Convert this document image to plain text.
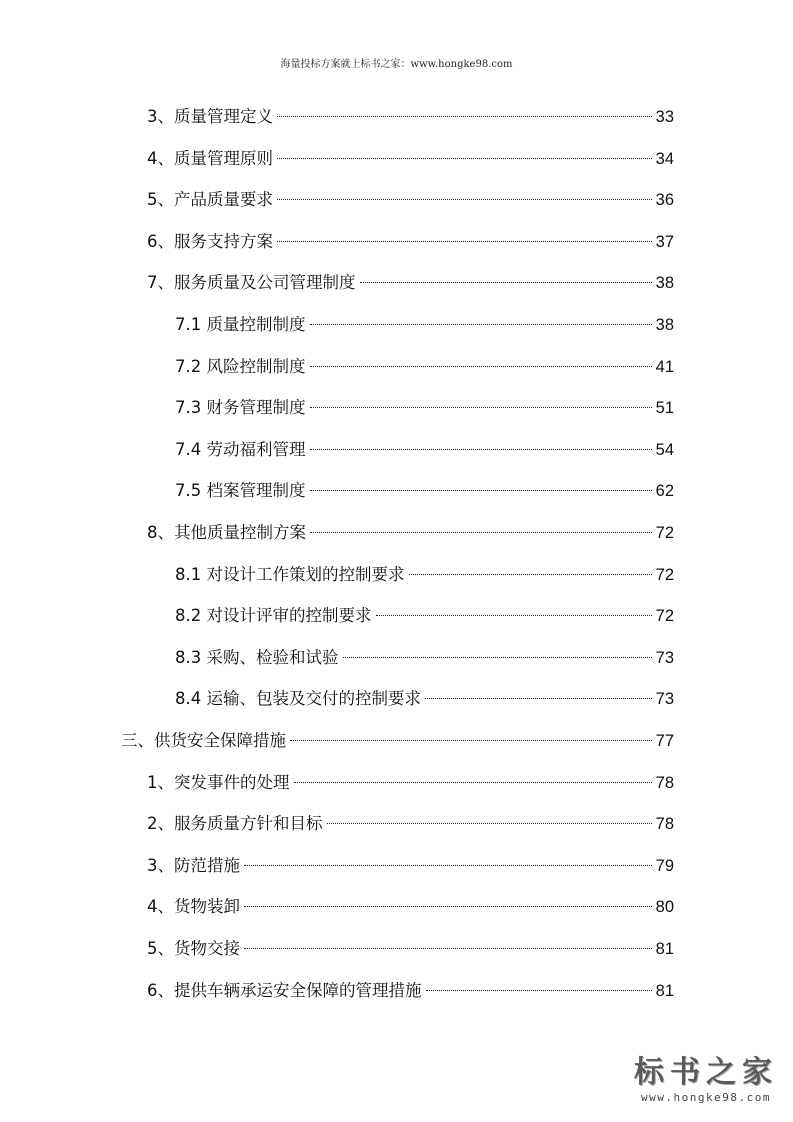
海量投标方案就上标书之家：www.hongke98.com
3、质量管理定义	33
4、质量管理原则	34
5、产品质量要求	36
6、服务支持方案	37
7、服务质量及公司管理制度	38
7.1 质量控制制度	38
7.2 风险控制制度	41
7.3 财务管理制度	51
7.4 劳动福利管理	54
7.5 档案管理制度	62
8、其他质量控制方案	72
8.1 对设计工作策划的控制要求	72
8.2 对设计评审的控制要求	72
8.3 采购、检验和试验	73
8.4 运输、包装及交付的控制要求	73
三、供货安全保障措施	77
1、突发事件的处理	78
2、服务质量方针和目标	78
3、防范措施	79
4、货物装卸	80
5、货物交接	81
6、提供车辆承运安全保障的管理措施	81
标书之家
www.hongke98.com
